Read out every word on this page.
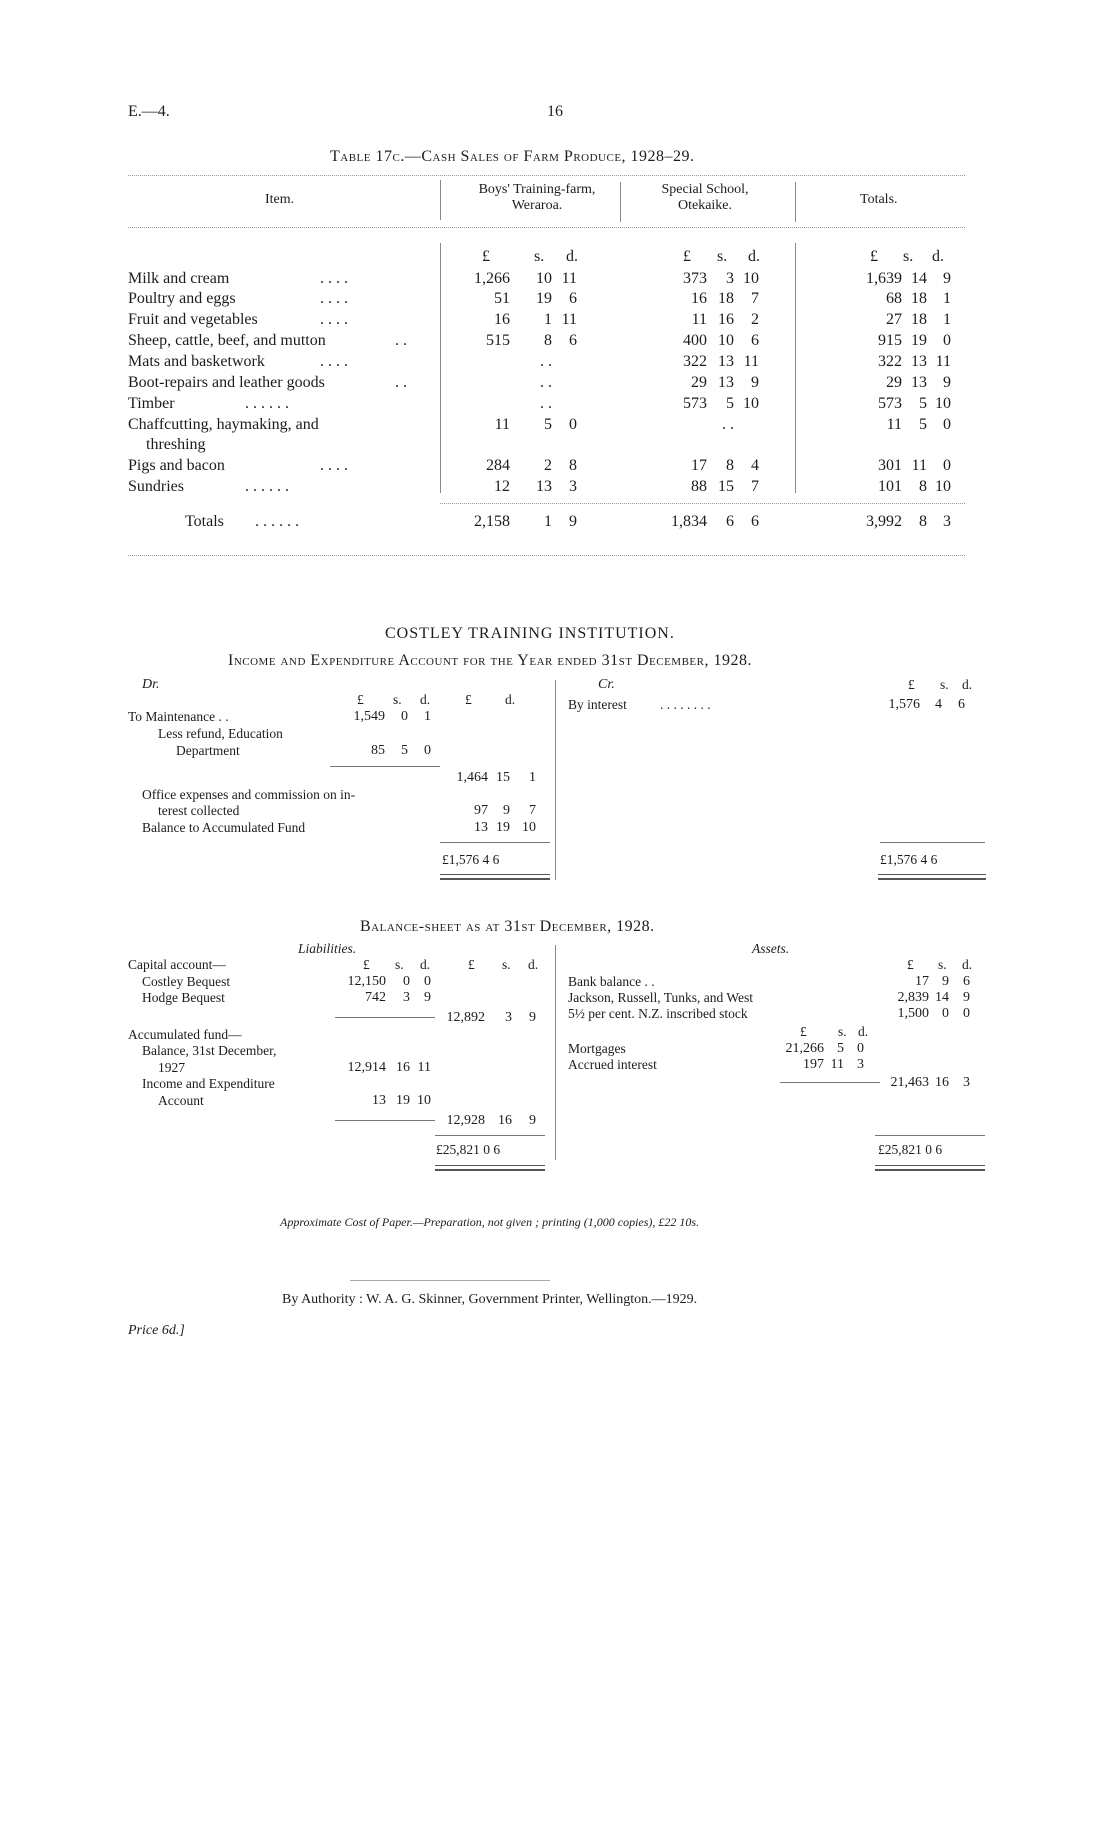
E.—4.	16
Table 17c.—Cash Sales of Farm Produce, 1928–29.
Item.
Boys' Training-farm, Weraroa.
Special School, Otekaike.	Totals.
£	s. d.	£ s. d.	£ s. d.
Milk and cream	. . . .	1,266 10 11	373 3 10	1,639 14 9
Poultry and eggs	. . . .	51 19 6	16 18 7	68 18 1
Fruit and vegetables	. . . .	16 1 11	11 16 2	27 18 1
Sheep, cattle, beef, and mutton	. .	515 8 6	400 10 6	915 19 0
Mats and basketwork	. . . .	. .	322 13 11	322 13 11
Boot-repairs and leather goods	. .	. .	29 13 9	29 13 9
Timber	. . . . . .	. .	573 5 10	573 5 10
Chaffcutting, haymaking, and
threshing
11 5 0	. .	11 5 0
Pigs and bacon	. . . .	284 2 8	17 8 4	301 11 0
Sundries	. . . . . .	12 13 3	88 15 7	101 8 10
Totals . . . . . .	2,158 1 9	1,834 6 6	3,992 8 3
COSTLEY TRAINING INSTITUTION.
Income and Expenditure Account for the Year ended 31st December, 1928.
Dr.	Cr.
£ s. d.	£ d.
£ s. d.
To Maintenance . .	1,549 0 1
Less refund, Education
Department	85 5 0
1,464 15 1
Office expenses and commission on in-
terest collected	97 9 7
Balance to Accumulated Fund	13 19 10
£1,576 4 6
By interest . . . . . . . .	1,576 4 6
£1,576 4 6
Balance-sheet as at 31st December, 1928.
Liabilities.	Assets.
Capital account—	£ s. d.	£ s. d.
Costley Bequest	12,150 0 0
Hodge Bequest	742 3 9
12,892 3 9
Accumulated fund—
Balance, 31st December,
1927	12,914 16 11
Income and Expenditure
Account	13 19 10
12,928 16 9
£25,821 0 6
£ s. d.
Bank balance . .	17 9 6
Jackson, Russell, Tunks, and West	2,839 14 9
5½ per cent. N.Z. inscribed stock	1,500 0 0
£ s. d.
Mortgages	21,266 5 0
Accrued interest	197 11 3
21,463 16 3
£25,821 0 6
Approximate Cost of Paper.—Preparation, not given ; printing (1,000 copies), £22 10s.
By Authority : W. A. G. Skinner, Government Printer, Wellington.—1929.
Price 6d.]
